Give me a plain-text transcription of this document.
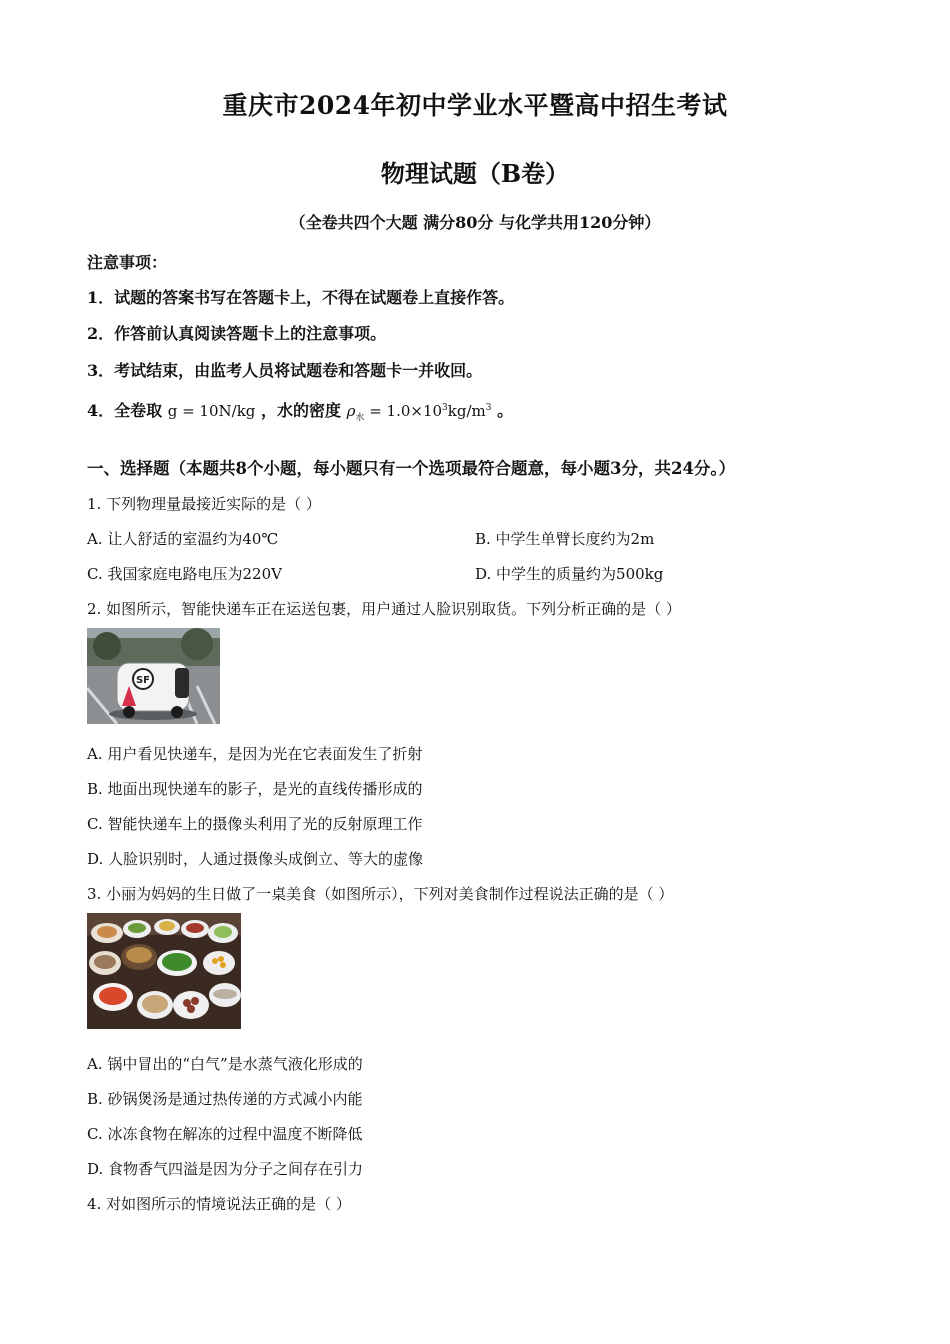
重庆市2024年初中学业水平暨高中招生考试
物理试题（B卷）
（全卷共四个大题 满分80分 与化学共用120分钟）
注意事项：
1．试题的答案书写在答题卡上，不得在试题卷上直接作答。
2．作答前认真阅读答题卡上的注意事项。
3．考试结束，由监考人员将试题卷和答题卡一并收回。
4．全卷取 g = 10N/kg ，水的密度 $\rho_水 = 1.0\times 10^3kg/m^3$ 。
一、选择题（本题共8个小题，每小题只有一个选项最符合题意，每小题3分，共24分。）
1. 下列物理量最接近实际的是（ ）
A. 让人舒适的室温约为40℃	B. 中学生单臂长度约为2m
C. 我国家庭电路电压为220V	D. 中学生的质量约为500kg
2. 如图所示，智能快递车正在运送包裹，用户通过人脸识别取货。下列分析正确的是（ ）
SF
A. 用户看见快递车，是因为光在它表面发生了折射
B. 地面出现快递车的影子，是光的直线传播形成的
C. 智能快递车上的摄像头利用了光的反射原理工作
D. 人脸识别时，人通过摄像头成倒立、等大的虚像
3. 小丽为妈妈的生日做了一桌美食（如图所示），下列对美食制作过程说法正确的是（ ）
A. 锅中冒出的“白气”是水蒸气液化形成的
B. 砂锅煲汤是通过热传递的方式减小内能
C. 冰冻食物在解冻的过程中温度不断降低
D. 食物香气四溢是因为分子之间存在引力
4. 对如图所示的情境说法正确的是（ ）
